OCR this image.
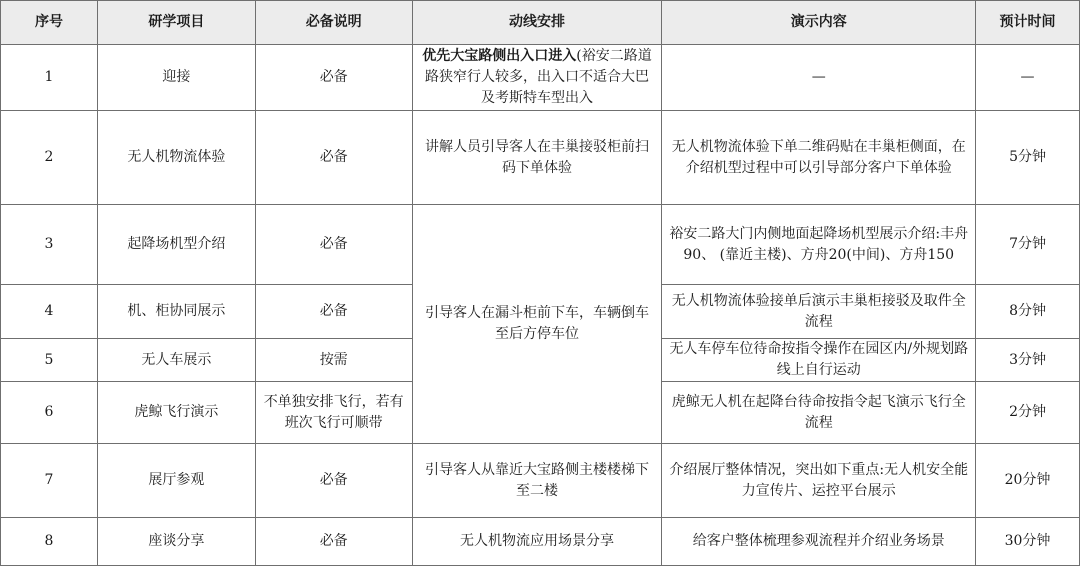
序号	研学项目	必备说明	动线安排	演示内容	预计时间
1	迎接	必备	优先大宝路侧出入口进入(裕安二路道路狭窄行人较多，出入口不适合大巴及考斯特车型出入	—	—
2	无人机物流体验	必备	讲解人员引导客人在丰巢接驳柜前扫码下单体验	无人机物流体验下单二维码贴在丰巢柜侧面，在介绍机型过程中可以引导部分客户下单体验	5分钟
3	起降场机型介绍	必备	引导客人在漏斗柜前下车，车辆倒车至后方停车位	裕安二路大门内侧地面起降场机型展示介绍:丰舟90、 (靠近主楼)、方舟20(中间)、方舟150	7分钟
4	机、柜协同展示	必备		无人机物流体验接单后演示丰巢柜接驳及取件全流程	8分钟
5	无人车展示	按需		无人车停车位待命按指令操作在园区内/外规划路线上自行运动	3分钟
6	虎鲸飞行演示	不单独安排飞行，若有班次飞行可顺带		虎鲸无人机在起降台待命按指令起飞演示飞行全流程	2分钟
7	展厅参观	必备	引导客人从靠近大宝路侧主楼楼梯下至二楼	介绍展厅整体情况，突出如下重点:无人机安全能力宣传片、运控平台展示	20分钟
8	座谈分享	必备	无人机物流应用场景分享	给客户整体梳理参观流程并介绍业务场景	30分钟
